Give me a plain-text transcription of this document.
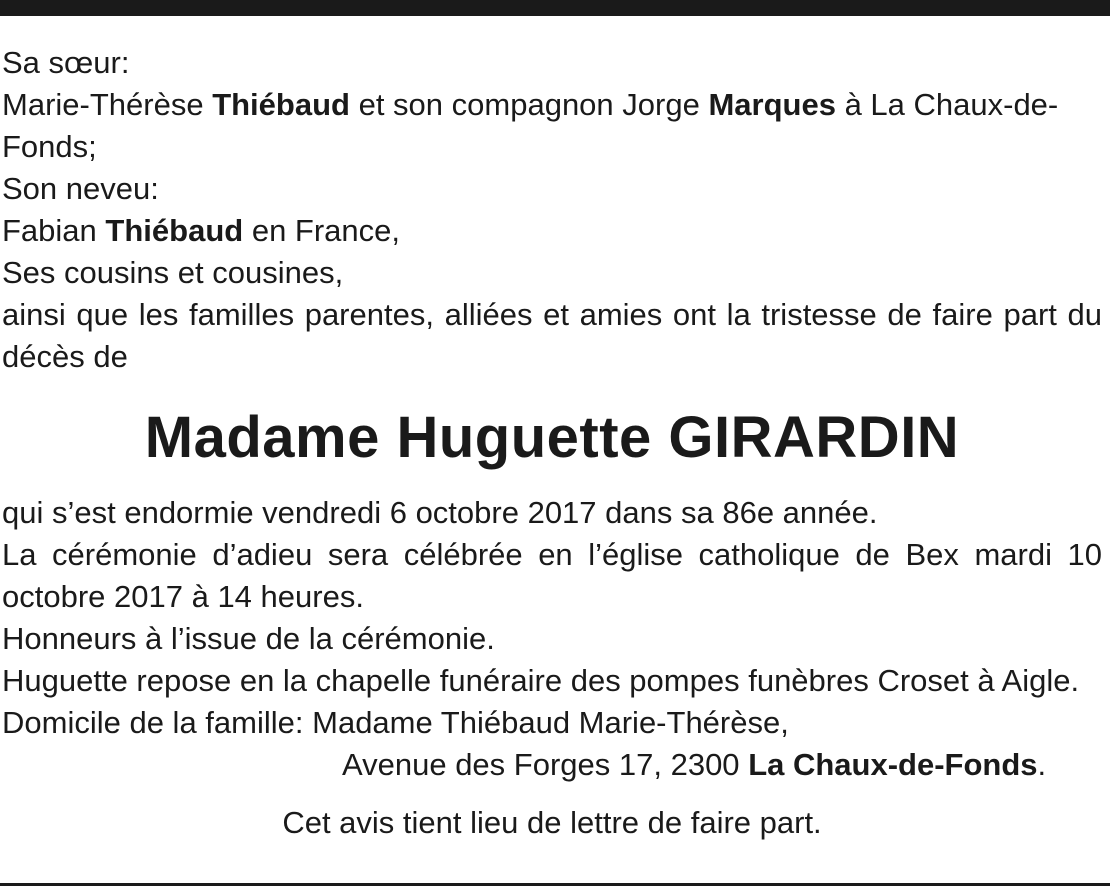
Sa sœur:

Marie-Thérèse Thiébaud et son compagnon Jorge Marques à La Chaux-de-Fonds;

Son neveu:

Fabian Thiébaud en France,

Ses cousins et cousines,

ainsi que les familles parentes, alliées et amies ont la tristesse de faire part du décès de

Madame Huguette GIRARDIN

qui s’est endormie vendredi 6 octobre 2017 dans sa 86e année.

La cérémonie d’adieu sera célébrée en l’église catholique de Bex mardi 10 octobre 2017 à 14 heures.

Honneurs à l’issue de la cérémonie.

Huguette repose en la chapelle funéraire des pompes funèbres Croset à Aigle.

Domicile de la famille: Madame Thiébaud Marie-Thérèse,

Avenue des Forges 17, 2300 La Chaux-de-Fonds.

Cet avis tient lieu de lettre de faire part.
